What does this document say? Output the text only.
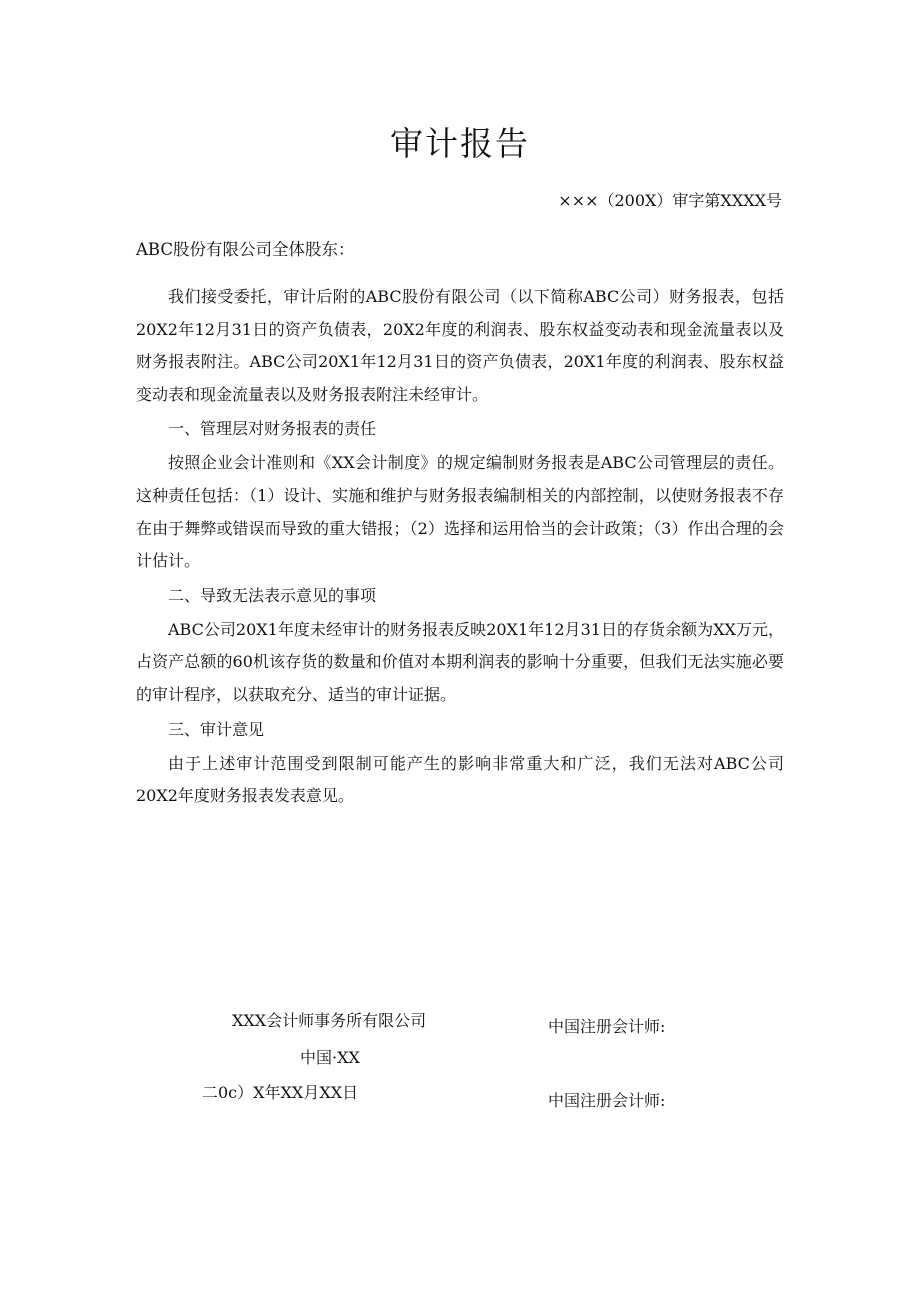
审计报告
×××（200X）审字第XXXX号
ABC股份有限公司全体股东：

我们接受委托，审计后附的ABC股份有限公司（以下简称ABC公司）财务报表，包括20X2年12月31日的资产负债表，20X2年度的利润表、股东权益变动表和现金流量表以及财务报表附注。ABC公司20X1年12月31日的资产负债表，20X1年度的利润表、股东权益变动表和现金流量表以及财务报表附注未经审计。

一、管理层对财务报表的责任

按照企业会计准则和《XX会计制度》的规定编制财务报表是ABC公司管理层的责任。这种责任包括：（1）设计、实施和维护与财务报表编制相关的内部控制，以使财务报表不存在由于舞弊或错误而导致的重大错报；（2）选择和运用恰当的会计政策；（3）作出合理的会计估计。

二、导致无法表示意见的事项

ABC公司20X1年度未经审计的财务报表反映20X1年12月31日的存货余额为XX万元，占资产总额的60机该存货的数量和价值对本期利润表的影响十分重要，但我们无法实施必要的审计程序，以获取充分、适当的审计证据。

三、审计意见

由于上述审计范围受到限制可能产生的影响非常重大和广泛，我们无法对ABC公司20X2年度财务报表发表意见。

XXX会计师事务所有限公司
中国·XX
二0c）X年XX月XX日
中国注册会计师:
中国注册会计师:
